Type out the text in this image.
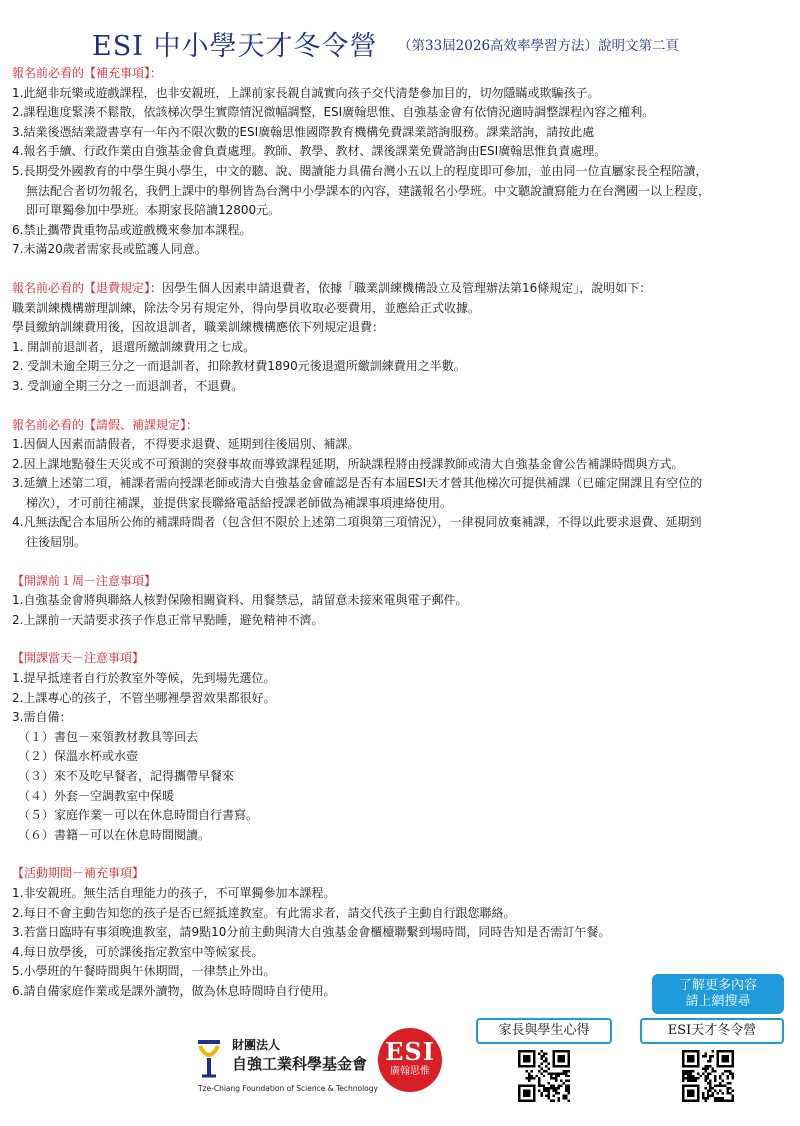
ESI 中小學天才冬令營 （第33屆2026高效率學習方法）說明文第二頁
報名前必看的【補充事項】：
1.此絕非玩樂或遊戲課程，也非安親班，上課前家長親自誠實向孩子交代清楚參加目的，切勿隱瞞或欺騙孩子。
2.課程進度緊湊不鬆散，依該梯次學生實際情況微幅調整，ESI廣翰思惟、自強基金會有依情況適時調整課程內容之權利。
3.結業後憑結業證書享有一年內不限次數的ESI廣翰思惟國際教育機構免費課業諮詢服務。課業諮詢，請按此處
4.報名手續、行政作業由自強基金會負責處理。教師、教學、教材、課後課業免費諮詢由ESI廣翰思惟負責處理。
5.長期受外國教育的中學生與小學生，中文的聽、說、閱讀能力具備台灣小五以上的程度即可參加，並由同一位直屬家長全程陪讀，
無法配合者切勿報名，我們上課中的舉例皆為台灣中小學課本的內容，建議報名小學班。中文聽說讀寫能力在台灣國一以上程度，
即可單獨參加中學班。本期家長陪讀12800元。
6.禁止攜帶貴重物品或遊戲機來參加本課程。
7.未滿20歲者需家長或監護人同意。
報名前必看的【退費規定】：因學生個人因素申請退費者，依據「職業訓練機構設立及管理辦法第16條規定」，說明如下：
職業訓練機構辦理訓練，除法令另有規定外，得向學員收取必要費用，並應給正式收據。
學員繳納訓練費用後，因故退訓者，職業訓練機構應依下列規定退費：
1. 開訓前退訓者，退還所繳訓練費用之七成。
2. 受訓未逾全期三分之一而退訓者，扣除教材費1890元後退還所繳訓練費用之半數。
3. 受訓逾全期三分之一而退訓者，不退費。
報名前必看的【請假、補課規定】：
1.因個人因素而請假者，不得要求退費、延期到往後屆別、補課。
2.因上課地點發生天災或不可預測的突發事故而導致課程延期，所缺課程將由授課教師或清大自強基金會公告補課時間與方式。
3.延續上述第二項，補課者需向授課老師或清大自強基金會確認是否有本屆ESI天才營其他梯次可提供補課（已確定開課且有空位的
梯次），才可前往補課，並提供家長聯絡電話給授課老師做為補課事項連絡使用。
4.凡無法配合本屆所公佈的補課時間者（包含但不限於上述第二項與第三項情況），一律視同放棄補課，不得以此要求退費、延期到
往後屆別。
【開課前１周－注意事項】
1.自強基金會將與聯絡人核對保險相關資料、用餐禁忌，請留意未接來電與電子郵件。
2.上課前一天請要求孩子作息正常早點睡，避免精神不濟。
【開課當天－注意事項】
1.提早抵達者自行於教室外等候，先到場先選位。
2.上課專心的孩子，不管坐哪裡學習效果都很好。
3.需自備：
（１）書包－來領教材教具等回去
（２）保溫水杯或水壺
（３）來不及吃早餐者，記得攜帶早餐來
（４）外套－空調教室中保暖
（５）家庭作業－可以在休息時間自行書寫。
（６）書籍－可以在休息時間閱讀。
【活動期間－補充事項】
1.非安親班。無生活自理能力的孩子，不可單獨參加本課程。
2.每日不會主動告知您的孩子是否已經抵達教室。有此需求者，請交代孩子主動自行跟您聯絡。
3.若當日臨時有事須晚進教室，請9點10分前主動與清大自強基金會櫃檯聯繫到場時間，同時告知是否需訂午餐。
4.每日放學後，可於課後指定教室中等候家長。
5.小學班的午餐時間與午休期間，一律禁止外出。
6.請自備家庭作業或是課外讀物，做為休息時間時自行使用。
財團法人
自強工業科學基金會
Tze-Chiang Foundation of Science & Technology
ESI
廣翰思惟
了解更多內容
請上網搜尋
家長與學生心得	ESI天才冬令營
